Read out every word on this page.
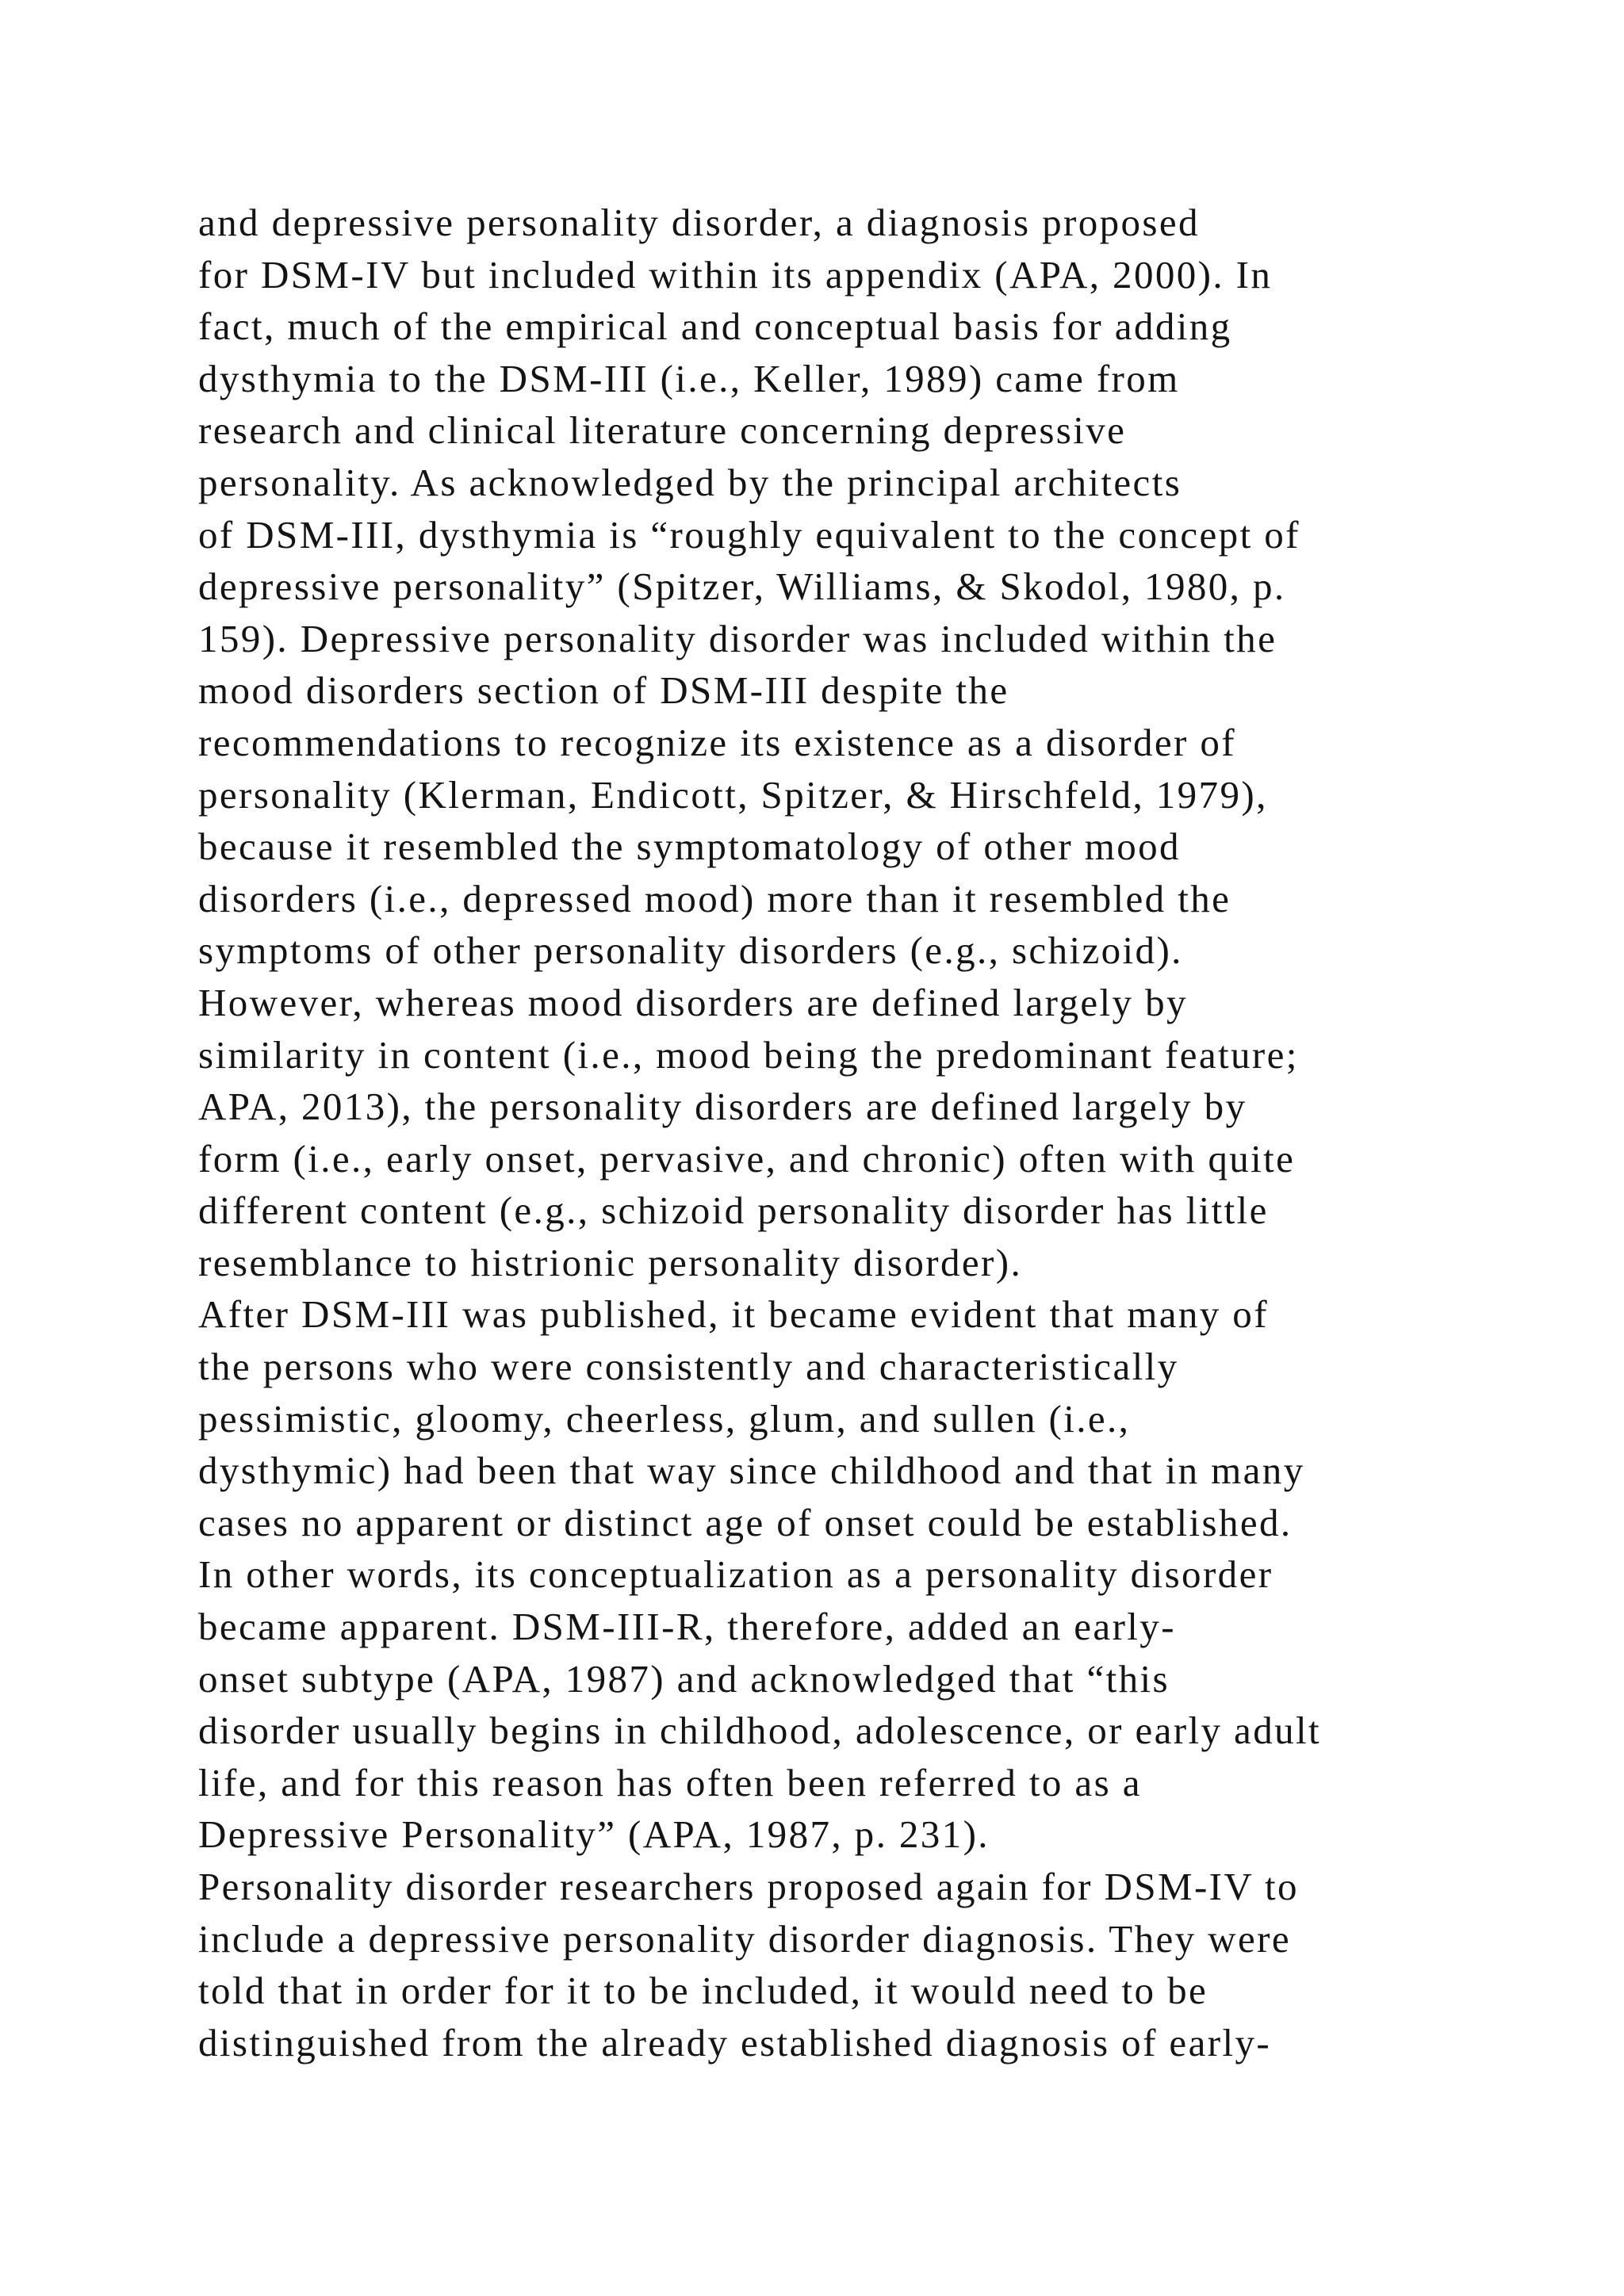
and depressive personality disorder, a diagnosis proposed
for DSM-IV but included within its appendix (APA, 2000). In
fact, much of the empirical and conceptual basis for adding
dysthymia to the DSM-III (i.e., Keller, 1989) came from
research and clinical literature concerning depressive
personality. As acknowledged by the principal architects
of DSM-III, dysthymia is “roughly equivalent to the concept of
depressive personality” (Spitzer, Williams, & Skodol, 1980, p.
159). Depressive personality disorder was included within the
mood disorders section of DSM-III despite the
recommendations to recognize its existence as a disorder of
personality (Klerman, Endicott, Spitzer, & Hirschfeld, 1979),
because it resembled the symptomatology of other mood
disorders (i.e., depressed mood) more than it resembled the
symptoms of other personality disorders (e.g., schizoid).
However, whereas mood disorders are defined largely by
similarity in content (i.e., mood being the predominant feature;
APA, 2013), the personality disorders are defined largely by
form (i.e., early onset, pervasive, and chronic) often with quite
different content (e.g., schizoid personality disorder has little
resemblance to histrionic personality disorder).
After DSM-III was published, it became evident that many of
the persons who were consistently and characteristically
pessimistic, gloomy, cheerless, glum, and sullen (i.e.,
dysthymic) had been that way since childhood and that in many
cases no apparent or distinct age of onset could be established.
In other words, its conceptualization as a personality disorder
became apparent. DSM-III-R, therefore, added an early-
onset subtype (APA, 1987) and acknowledged that “this
disorder usually begins in childhood, adolescence, or early adult
life, and for this reason has often been referred to as a
Depressive Personality” (APA, 1987, p. 231).
Personality disorder researchers proposed again for DSM-IV to
include a depressive personality disorder diagnosis. They were
told that in order for it to be included, it would need to be
distinguished from the already established diagnosis of early-
